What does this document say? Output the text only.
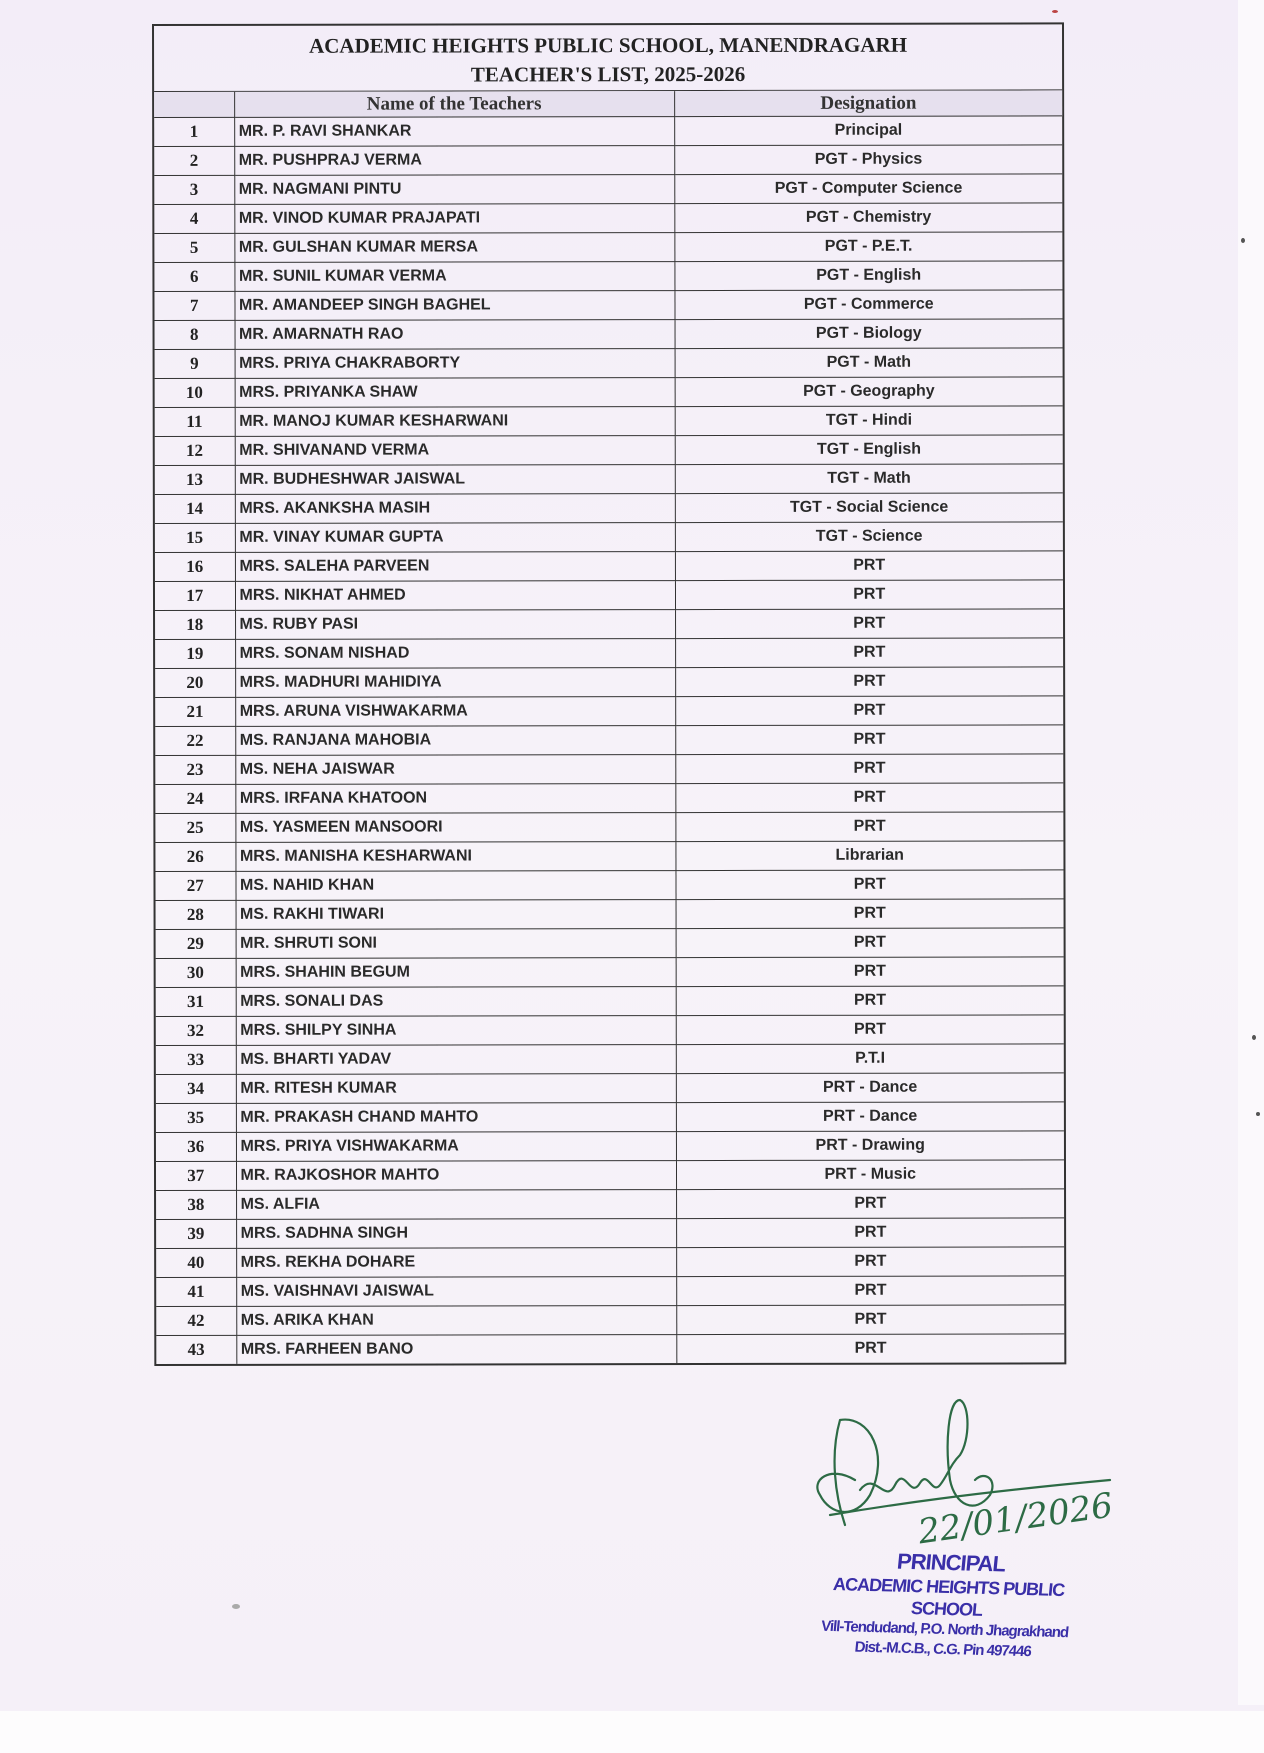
ACADEMIC HEIGHTS PUBLIC SCHOOL, MANENDRAGARH
TEACHER'S LIST, 2025-2026
	Name of the Teachers	Designation
1	MR. P. RAVI SHANKAR	Principal
2	MR. PUSHPRAJ VERMA	PGT - Physics
3	MR. NAGMANI PINTU	PGT - Computer Science
4	MR. VINOD KUMAR PRAJAPATI	PGT - Chemistry
5	MR. GULSHAN KUMAR MERSA	PGT - P.E.T.
6	MR. SUNIL KUMAR VERMA	PGT - English
7	MR. AMANDEEP SINGH BAGHEL	PGT - Commerce
8	MR. AMARNATH RAO	PGT - Biology
9	MRS. PRIYA CHAKRABORTY	PGT - Math
10	MRS. PRIYANKA SHAW	PGT - Geography
11	MR. MANOJ KUMAR KESHARWANI	TGT - Hindi
12	MR. SHIVANAND VERMA	TGT - English
13	MR. BUDHESHWAR JAISWAL	TGT - Math
14	MRS. AKANKSHA MASIH	TGT - Social Science
15	MR. VINAY KUMAR GUPTA	TGT - Science
16	MRS. SALEHA PARVEEN	PRT
17	MRS. NIKHAT AHMED	PRT
18	MS. RUBY PASI	PRT
19	MRS. SONAM NISHAD	PRT
20	MRS. MADHURI MAHIDIYA	PRT
21	MRS. ARUNA VISHWAKARMA	PRT
22	MS. RANJANA MAHOBIA	PRT
23	MS. NEHA JAISWAR	PRT
24	MRS. IRFANA KHATOON	PRT
25	MS. YASMEEN MANSOORI	PRT
26	MRS. MANISHA KESHARWANI	Librarian
27	MS. NAHID KHAN	PRT
28	MS. RAKHI TIWARI	PRT
29	MR. SHRUTI SONI	PRT
30	MRS. SHAHIN BEGUM	PRT
31	MRS. SONALI DAS	PRT
32	MRS. SHILPY SINHA	PRT
33	MS. BHARTI YADAV	P.T.I
34	MR. RITESH KUMAR	PRT - Dance
35	MR. PRAKASH CHAND MAHTO	PRT - Dance
36	MRS. PRIYA VISHWAKARMA	PRT - Drawing
37	MR. RAJKOSHOR MAHTO	PRT - Music
38	MS. ALFIA	PRT
39	MRS. SADHNA SINGH	PRT
40	MRS. REKHA DOHARE	PRT
41	MS. VAISHNAVI JAISWAL	PRT
42	MS. ARIKA KHAN	PRT
43	MRS. FARHEEN BANO	PRT
22/01/2026
PRINCIPAL
ACADEMIC HEIGHTS PUBLIC SCHOOL
Vill-Tendudand, P.O. North Jhagrakhand
Dist.-M.C.B., C.G. Pin 497446
